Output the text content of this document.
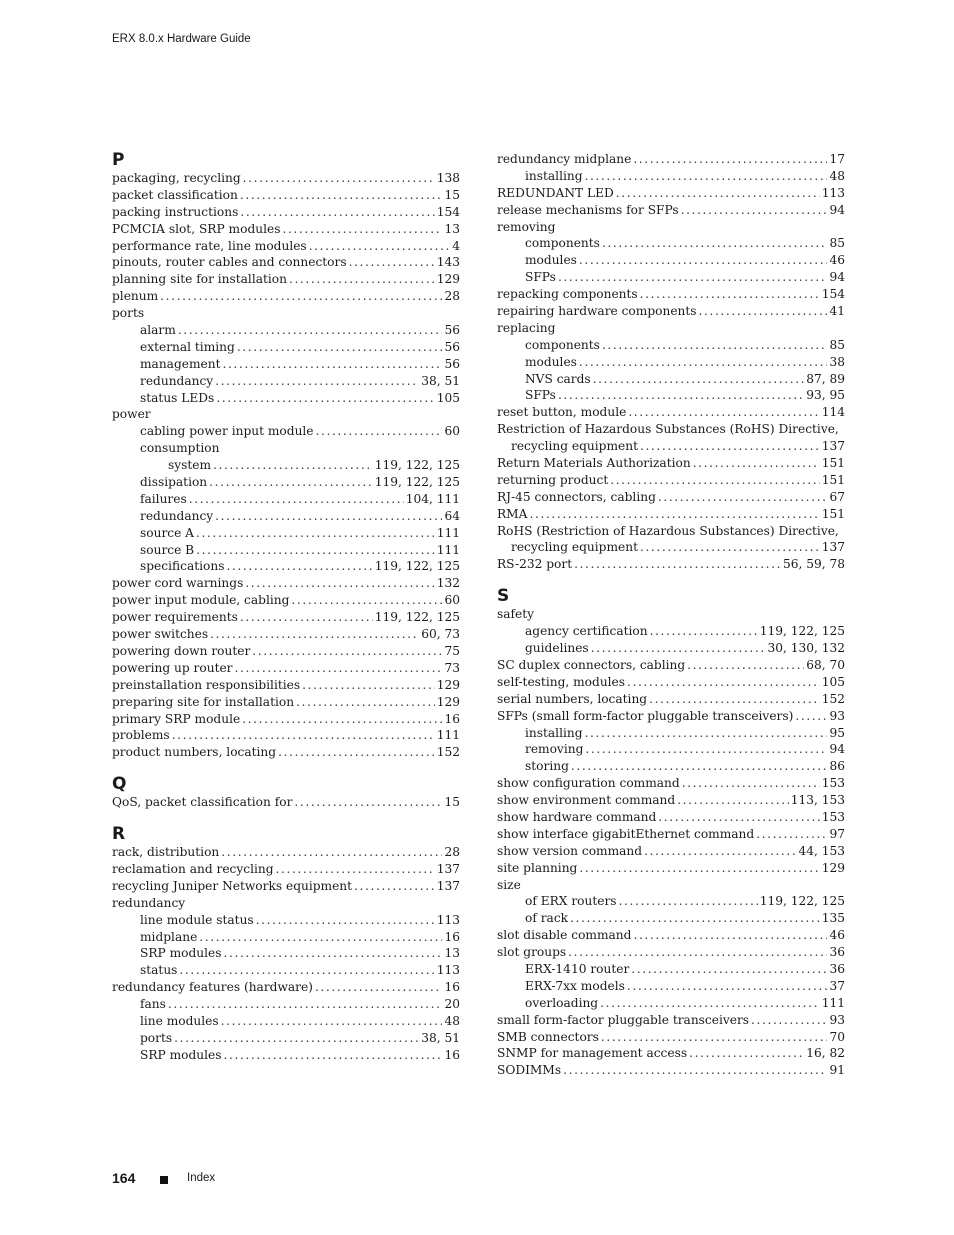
ERX 8.0.x Hardware Guide
P
packaging, recycling .....	138
packet classification .....	15
packing instructions .....	154
PCMCIA slot, SRP modules .....	13
performance rate, line modules .....	4
pinouts, router cables and connectors .....	143
planning site for installation .....	129
plenum .....	28
ports
alarm .....	56
external timing .....	56
management .....	56
redundancy .....	38, 51
status LEDs .....	105
power
cabling power input module .....	60
consumption
system .....	119, 122, 125
dissipation .....	119, 122, 125
failures .....	104, 111
redundancy .....	64
source A .....	111
source B .....	111
specifications .....	119, 122, 125
power cord warnings .....	132
power input module, cabling .....	60
power requirements .....	119, 122, 125
power switches .....	60, 73
powering down router .....	75
powering up router .....	73
preinstallation responsibilities .....	129
preparing site for installation .....	129
primary SRP module .....	16
problems .....	111
product numbers, locating .....	152
Q
QoS, packet classification for .....	15
R
rack, distribution .....	28
reclamation and recycling .....	137
recycling Juniper Networks equipment .....	137
redundancy
line module status .....	113
midplane .....	16
SRP modules .....	13
status .....	113
redundancy features (hardware) .....	16
fans .....	20
line modules .....	48
ports .....	38, 51
SRP modules .....	16
redundancy midplane .....	17
installing .....	48
REDUNDANT LED .....	113
release mechanisms for SFPs .....	94
removing
components .....	85
modules .....	46
SFPs .....	94
repacking components .....	154
repairing hardware components .....	41
replacing
components .....	85
modules .....	38
NVS cards .....	87, 89
SFPs .....	93, 95
reset button, module .....	114
Restriction of Hazardous Substances (RoHS) Directive,
recycling equipment .....	137
Return Materials Authorization .....	151
returning product .....	151
RJ-45 connectors, cabling .....	67
RMA .....	151
RoHS (Restriction of Hazardous Substances) Directive,
recycling equipment .....	137
RS-232 port .....	56, 59, 78
S
safety
agency certification .....	119, 122, 125
guidelines .....	30, 130, 132
SC duplex connectors, cabling .....	68, 70
self-testing, modules .....	105
serial numbers, locating .....	152
SFPs (small form-factor pluggable transceivers) .....	93
installing .....	95
removing .....	94
storing .....	86
show configuration command .....	153
show environment command .....	113, 153
show hardware command .....	153
show interface gigabitEthernet command .....	97
show version command .....	44, 153
site planning .....	129
size
of ERX routers .....	119, 122, 125
of rack .....	135
slot disable command .....	46
slot groups .....	36
ERX-1410 router .....	36
ERX-7xx models .....	37
overloading .....	111
small form-factor pluggable transceivers .....	93
SMB connectors .....	70
SNMP for management access .....	16, 82
SODIMMs .....	91
164	Index
